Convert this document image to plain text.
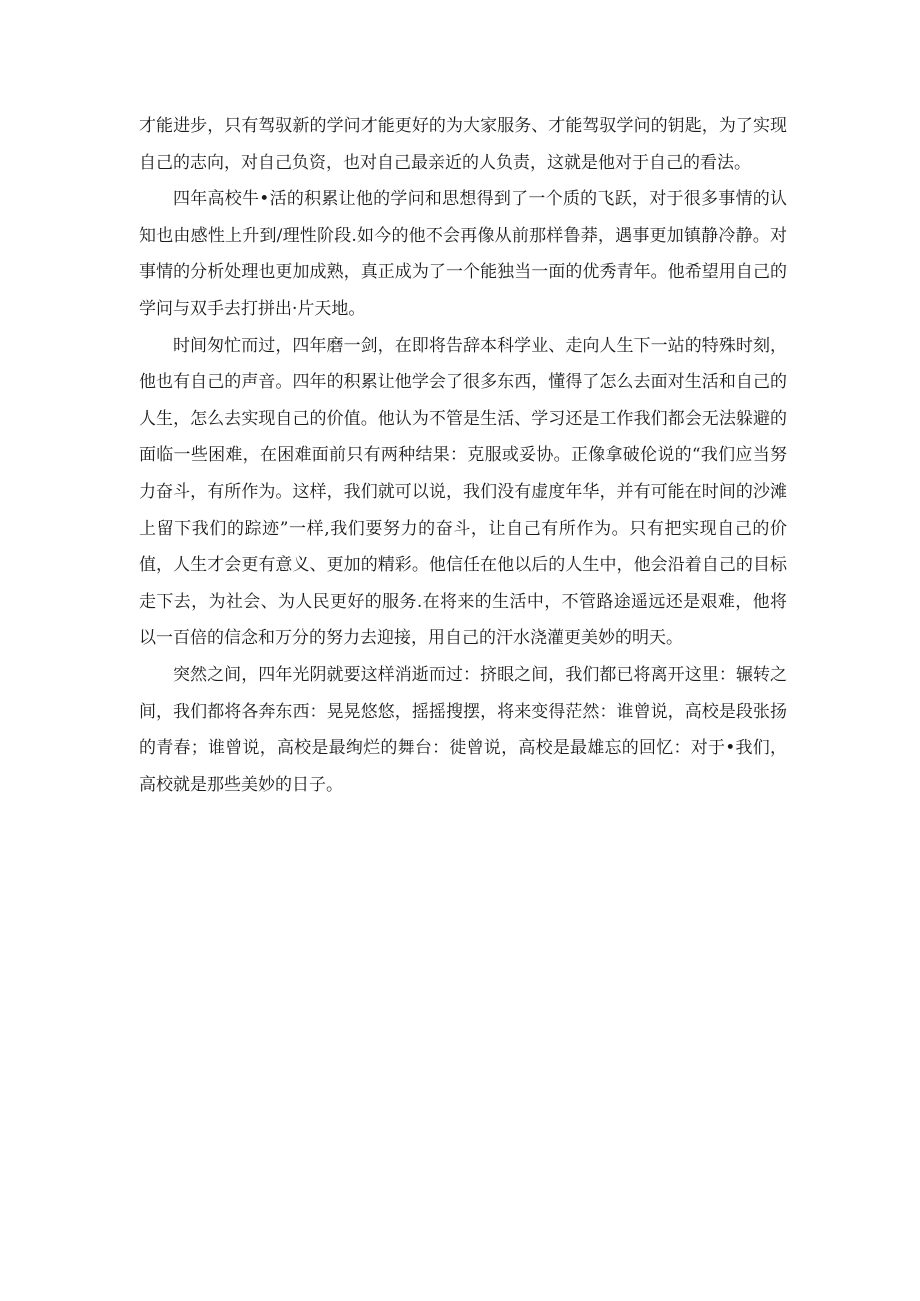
才能进步，只有驾驭新的学问才能更好的为大家服务、才能驾驭学问的钥匙，为了实现自己的志向，对自己负资，也对自己最亲近的人负责，这就是他对于自己的看法。

四年高校牛•活的积累让他的学问和思想得到了一个质的飞跃，对于很多事情的认知也由感性上升到/理性阶段.如今的他不会再像从前那样鲁莽，遇事更加镇静冷静。对事情的分析处理也更加成熟，真正成为了一个能独当一面的优秀青年。他希望用自己的学问与双手去打拼出·片天地。

时间匆忙而过，四年磨一剑，在即将告辞本科学业、走向人生下一站的特殊时刻，他也有自己的声音。四年的积累让他学会了很多东西，懂得了怎么去面对生活和自己的人生，怎么去实现自己的价值。他认为不管是生活、学习还是工作我们都会无法躲避的面临一些困难，在困难面前只有两种结果：克服或妥协。正像拿破伦说的“我们应当努力奋斗，有所作为。这样，我们就可以说，我们没有虚度年华，并有可能在时间的沙滩上留下我们的踪迹”一样,我们要努力的奋斗，让自己有所作为。只有把实现自己的价值，人生才会更有意义、更加的精彩。他信任在他以后的人生中，他会沿着自己的目标走下去，为社会、为人民更好的服务.在将来的生活中，不管路途遥远还是艰难，他将以一百倍的信念和万分的努力去迎接，用自己的汗水浇灌更美妙的明天。

突然之间，四年光阴就要这样消逝而过：挤眼之间，我们都已将离开这里：辗转之间，我们都将各奔东西：晃晃悠悠，摇摇搜摆，将来变得茫然：谁曾说，高校是段张扬的青春；谁曾说，高校是最绚烂的舞台：徙曾说，高校是最雄忘的回忆：对于•我们，高校就是那些美妙的日子。
